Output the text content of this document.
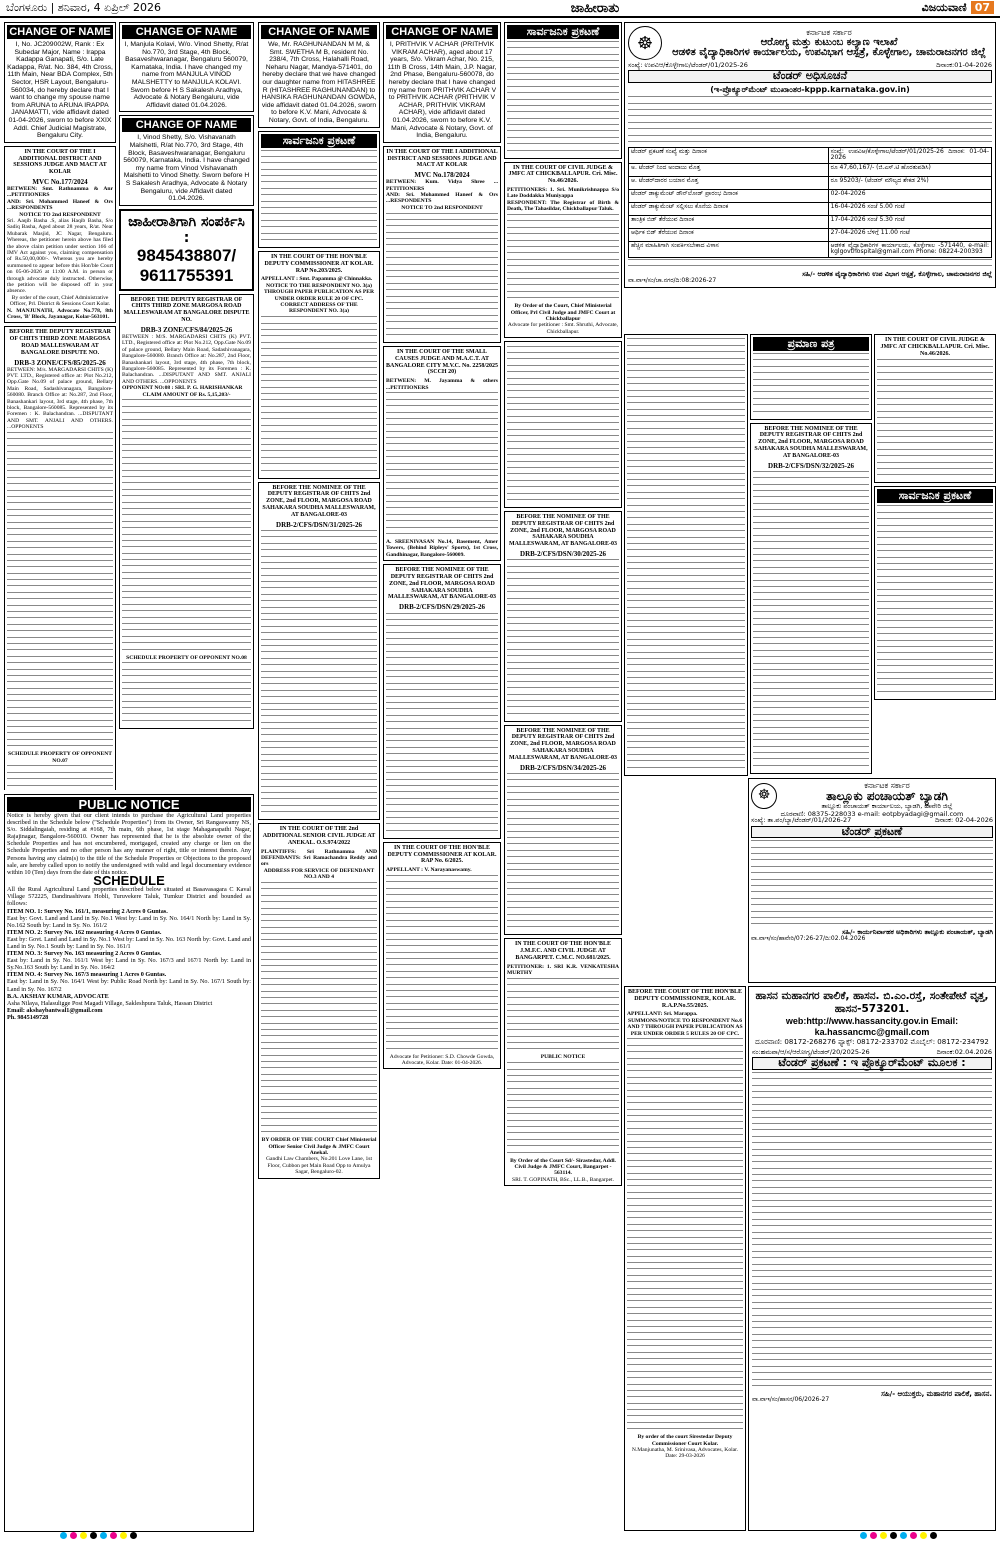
ಬೆಂಗಳೂರು | ಶನಿವಾರ, 4 ಏಪ್ರಿಲ್ 2026	ಜಾಹೀರಾತು	ವಿಜಯವಾಣಿ 07
CHANGE OF NAME
I, No. JC209002W, Rank : Ex Subedar Major, Name : Irappa Kadappa Ganapati, S/o. Late Kadappa, R/at. No. 384, 4th Cross, 11th Main, Near BDA Complex, 5th Sector, HSR Layout, Bengaluru-560034, do hereby declare that I want to change my spouse name from ARUNA to ARUNA IRAPPA JANAMATTI, vide affidavit dated 01-04-2026, sworn to before XXIX Addl. Chief Judicial Magistrate, Bengaluru City.
IN THE COURT OF THE I ADDITIONAL DISTRICT AND SESSIONS JUDGE AND MACT AT KOLAR
MVC No.177/2024
BETWEEN: Smt. Rathnamma & Anr ...PETITIONERS
AND: Sri. Mohammed Haneef & Ors ...RESPONDENTS
NOTICE TO 2nd RESPONDENT
Sri. Aaqib Basha .S, alias Haqib Basha, S/o Sadiq Basha, Aged about 28 years, R/at. Near Mubarak Masjid, JC Nagar, Bengaluru. Whereas, the petitioner herein above has filed the above claim petition under section 166 of IMV Act against you, claiming compensation of Rs.50,00,000/-. Whereas you are hereby summoned to appear before this Hon'ble Court on 05-06-2026 at 11:00 A.M. in person or through advocate duly instructed. Otherwise, the petition will be disposed off in your absence.
By order of the court, Chief Administrative Officer, Prl. District & Sessions Court Kolar.
N. MANJUNATH, Advocate No.778, 8th Cross, 'B' Block, Jayanagar, Kolar-563101.
BEFORE THE DEPUTY REGISTRAR OF CHITS THIRD ZONE MARGOSA ROAD MALLESWARAM AT BANGALORE DISPUTE NO.
DRB-3 ZONE/CFS/85/2025-26
BETWEEN: M/s. MARGADARSI CHITS (K) PVT. LTD., Registered office at: Plot No.212, Opp.Gate No.09 of palace ground, Bellary Main Road, Sadashivanagara, Bangalore-560080. Branch Office at: No.287, 2nd Floor, Banashankari layout, 3rd stage, 4th phase, 7th block, Bangalore-560085. Represented by its Foremen : K. Balachandran. ...DISPUTANT AND SMT. ANJALI AND OTHERS. ...OPPONENTS
SCHEDULE PROPERTY OF OPPONENT NO.07
CHANGE OF NAME
I, Manjula Kolavi, W/o. Vinod Shetty, R/at No.770, 3rd Stage, 4th Block, Basaveshwaranagar, Bengaluru 560079, Karnataka, India. I have changed my name from MANJULA VINOD MALSHETTY to MANJULA KOLAVI. Sworn before H S Sakalesh Aradhya, Advocate & Notary Bengaluru, vide Affidavit dated 01.04.2026.
CHANGE OF NAME
I, Vinod Shetty, S/o. Vishavanath Malshetti, R/at No.770, 3rd Stage, 4th Block, Basaveshwaranagar, Bengaluru 560079, Karnataka, India. I have changed my name from Vinod Vishavanath Malshetti to Vinod Shetty. Sworn before H S Sakalesh Aradhya, Advocate & Notary Bengaluru, vide Affidavit dated 01.04.2026.
ಜಾಹೀರಾತಿಗಾಗಿ ಸಂಪರ್ಕಿಸಿ :
9845438807/ 9611755391
BEFORE THE DEPUTY REGISTRAR OF CHITS THIRD ZONE MARGOSA ROAD MALLESWARAM AT BANGALORE DISPUTE NO.
DRB-3 ZONE/CFS/84/2025-26
BETWEEN : M/S. MARGADARSI CHITS (K) PVT. LTD., Registered office at: Plot No.212, Opp.Gate No.09 of palace ground, Bellary Main Road, Sadashivanagara, Bangalore-560080. Branch Office at: No.287, 2nd Floor, Banashankari layout, 3rd stage, 4th phase, 7th block, Bangalore-560085. Represented by its Foremen : K. Balachandran. ...DISPUTANT AND SMT. ANJALI AND OTHERS. ...OPPONENTS
OPPONENT NO:08 : SRI. P. G. HARISHANKAR
CLAIM AMOUNT OF Rs. 5,15,203/-
SCHEDULE PROPERTY OF OPPONENT NO.08
PUBLIC NOTICE
Notice is hereby given that our client intends to purchase the Agricultural Land properties described in the Schedule below ("Schedule Properties") from its Owner, Sri Rangaswamy NS, S/o. Siddalingaiah, residing at #168, 7th main, 6th phase, 1st stage Mahaganapathi Nagar, Rajajinagar, Bangalore-560010. Owner has represented that he is the absolute owner of the Schedule Properties and has not encumbered, mortgaged, created any charge or lien on the Schedule Properties and no other person has any manner of right, title or interest therein. Any Persons having any claim(s) to the title of the Schedule Properties or Objections to the proposed sale, are hereby called upon to notify the undersigned with valid and legal documentary evidence within 10 (Ten) days from the date of this notice.
SCHEDULE
All the Rural Agricultural Land properties described below situated at Basavasagara C Kaval Village 572225, Dandinashivara Hobli, Turuvekere Taluk, Tumkur District and bounded as follows:
ITEM NO. 1: Survey No. 161/1, measuring 2 Acres 0 Guntas.
East by: Govt. Land and Land in Sy. No.1 West by: Land in Sy. No. 164/1 North by: Land in Sy. No.162 South by: Land in Sy. No. 161/2
ITEM NO. 2: Survey No. 162 measuring 4 Acres 0 Guntas.
East by: Govt. Land and Land in Sy. No.1 West by: Land in Sy. No. 163 North by: Govt. Land and Land in Sy. No.1 South by: Land in Sy. No. 161/1
ITEM NO. 3: Survey No. 163 measuring 2 Acres 0 Guntas.
East by: Land in Sy. No. 161/1 West by: Land in Sy. No. 167/3 and 167/1 North by: Land in Sy.No.163 South by: Land in Sy. No. 164/2
ITEM NO. 4: Survey No. 167/3 measuring 1 Acres 0 Guntas.
East by: Land in Sy. No. 164/1 West by: Public Road North by: Land in Sy. No. 167/1 South by: Land in Sy. No. 167/2
B.A. AKSHAY KUMAR, ADVOCATE
Asha Nilaya, Halasuligge Post Magadi Village, Sakleshpura Taluk, Hassan District
Email: akshaybantwal1@gmail.com
Ph. 9845149728
CHANGE OF NAME
We, Mr. RAGHUNANDAN M M, & Smt. SWETHA M B, resident No. 238/4, 7th Cross, Halahalli Road, Neharu Nagar, Mandya-571401, do hereby declare that we have changed our daughter name from HITASHREE R (HITASHREE RAGHUNANDAN) to HANSIKA RAGHUNANDAN GOWDA, vide affidavit dated 01.04.2026, sworn to before K.V. Mani, Advocate & Notary, Govt. of India, Bengaluru.
ಸಾರ್ವಜನಿಕ ಪ್ರಕಟಣೆ
IN THE COURT OF THE HON'BLE DEPUTY COMMISSIONER AT KOLAR. RAP No.203/2025.
APPELLANT : Smt. Papamma @ Chinnakka.
NOTICE TO THE RESPONDENT NO. 3(a) THROUGH PAPER PUBLICATION AS PER UNDER ORDER RULE 20 OF CPC. CORRECT ADDRESS OF THE RESPONDENT NO. 3(a)
BEFORE THE NOMINEE OF THE DEPUTY REGISTRAR OF CHITS 2nd ZONE, 2nd FLOOR, MARGOSA ROAD SAHAKARA SOUDHA MALLESWARAM, AT BANGALORE-03
DRB-2/CFS/DSN/31/2025-26
IN THE COURT OF THE 2nd ADDITIONAL SENIOR CIVIL JUDGE AT ANEKAL. O.S.974/2022
PLAINTIFFS: Sri Rathnamma AND DEFENDANTS: Sri Ramachandra Reddy and ors
ADDRESS FOR SERVICE OF DEFENDANT NO.3 AND 4
BY ORDER OF THE COURT Chief Ministerial Officer Senior Civil Judge & JMFC Court Anekal.
Gandhi Law Chambers, No.201 Love Lane, 1st Floor, Cubbon pet Main Road Opp to Amulya Sagar, Bengaluro-02.
CHANGE OF NAME
I, PRITHVIK V ACHAR (PRITHVIK VIKRAM ACHAR), aged about 17 years, S/o. Vikram Achar, No. 215, 11th B Cross, 14th Main, J.P. Nagar, 2nd Phase, Bengaluru-560078, do hereby declare that I have changed my name from PRITHVIK ACHAR V to PRITHVIK ACHAR (PRITHVIK V ACHAR, PRITHVIK VIKRAM ACHAR), vide affidavit dated 01.04.2026, sworn to before K.V. Mani, Advocate & Notary, Govt. of India, Bengaluru.
IN THE COURT OF THE I ADDITIONAL DISTRICT AND SESSIONS JUDGE AND MACT AT KOLAR
MVC No.178/2024
BETWEEN: Kum. Vidya Shree ... PETITIONERS
AND: Sri. Mohammed Haneef & Ors ...RESPONDENTS
NOTICE TO 2nd RESPONDENT
IN THE COURT OF THE SMALL CAUSES JUDGE AND M.A.C.T. AT BANGALORE CITY M.V.C. No. 2258/2025 (SCCH 20)
BETWEEN: M. Jayamma & others ...PETITIONERS
A. SREENIVASAN No.14, Basement, Amer Towers, (Behind Ripleys' Sports), 1st Cross, Gandhinagar, Bangalore-560009.
BEFORE THE NOMINEE OF THE DEPUTY REGISTRAR OF CHITS 2nd ZONE, 2nd FLOOR, MARGOSA ROAD SAHAKARA SOUDHA MALLESWARAM, AT BANGALORE-03
DRB-2/CFS/DSN/29/2025-26
IN THE COURT OF THE HON'BLE DEPUTY COMMISSIONER AT KOLAR. RAP No. 6/2025.
APPELLANT : V. Narayanaswamy.
Advocate for Petitioner: S.D. Chowde Gowda, Advocate, Kolar. Date: 01-04-2026.
ಸಾರ್ವಜನಿಕ ಪ್ರಕಟಣೆ
IN THE COURT OF CIVIL JUDGE & JMFC AT CHICKBALLAPUR. Cri. Misc. No.46/2026.
PETITIONERS: 1. Sri. Munikrishnappa S/o Late Doddakka Muniyappa
RESPONDENT: The Registrar of Birth & Death, The Tahasildar, Chickballapur Taluk.
By Order of the Court, Chief Ministerial Officer, Prl Civil Judge and JMFC Court at Chickballapur
Advocate for petitioner : Smt. Shruthi, Advocate, Chickballapur.
BEFORE THE NOMINEE OF THE DEPUTY REGISTRAR OF CHITS 2nd ZONE, 2nd FLOOR, MARGOSA ROAD SAHAKARA SOUDHA MALLESWARAM, AT BANGALORE-03
DRB-2/CFS/DSN/30/2025-26
BEFORE THE NOMINEE OF THE DEPUTY REGISTRAR OF CHITS 2nd ZONE, 2nd FLOOR, MARGOSA ROAD SAHAKARA SOUDHA MALLESWARAM, AT BANGALORE-03
DRB-2/CFS/DSN/34/2025-26
IN THE COURT OF THE HON'BLE J.M.F.C. AND CIVIL JUDGE AT BANGARPET. C.M.C. NO.681/2025.
PETITIONER: 1. SRI K.R. VENKATESHA MURTHY
PUBLIC NOTICE
By Order of the Court Sd/- Sirastedar, Addl. Civil Judge & JMFC Court, Bangarpet - 563114.
SRI. T. GOPINATH, BSc., LL.B., Bangarpet.
☸
ಕರ್ನಾಟಕ ಸರ್ಕಾರ
ಆರೋಗ್ಯ ಮತ್ತು ಕುಟುಂಬ ಕಲ್ಯಾಣ ಇಲಾಖೆ
ಆಡಳಿತ ವೈದ್ಯಾಧಿಕಾರಿಗಳ ಕಾರ್ಯಾಲಯ, ಉಪವಿಭಾಗ ಆಸ್ಪತ್ರೆ, ಕೊಳ್ಳೇಗಾಲ, ಚಾಮರಾಜನಗರ ಜಿಲ್ಲೆ
ಸಂಖ್ಯೆ: ಉಪವಿಆ/ಕೊಳ್ಳೇಗಾಲ/ಟೆಂಡರ್/01/2025-26	ದಿನಾಂಕ:01-04-2026
ಟೆಂಡರ್ ಅಧಿಸೂಚನೆ
(ಇ-ಪ್ರೊಕ್ಯೂರ್‌ಮೆಂಟ್ ಮುಖಾಂತರ-kppp.karnataka.gov.in)
ಟೆಂಡರ್ ಪ್ರಕಟಣೆ ಸಂಖ್ಯೆ ಮತ್ತು ದಿನಾಂಕ	ಸಂಖ್ಯೆ: ಉಪವಿಆ/ಕೊಳ್ಳೇಗಾಲ/ಟೆಂಡರ್/01/2025-26 ದಿನಾಂಕ: 01-04-2026
ಅ. ಟೆಂಡರ್ ನಿಂದ ಅಂದಾಜು ಮೊತ್ತ	ರೂ 47,60,167/- (ಜಿ.ಎಸ್.ಟಿ ಹೊರತುಪಡಿಸಿ)
ಆ. ಟೆಂಡರ್‌ದಾರರ ಬಯಾನ ಮೊತ್ತ	ರೂ 95203/- (ಟೆಂಡರ್ ಮೌಲ್ಯದ ಶೇಕಡ 2%)
ಟೆಂಡರ್ ಡಾಕ್ಯುಮೆಂಟ್ ಡೌನ್‌ಲೋಡ್ ಪ್ರಾರಂಭ ದಿನಾಂಕ	02-04-2026
ಟೆಂಡರ್ ಡಾಕ್ಯುಮೆಂಟ್ ಸಲ್ಲಿಸಲು ಕೊನೆಯ ದಿನಾಂಕ	16-04-2026 ಸಂಜೆ 5.00 ಗಂಟೆ
ತಾಂತ್ರಿಕ ಬಿಡ್ ತೆರೆಯುವ ದಿನಾಂಕ	17-04-2026 ಸಂಜೆ 5.30 ಗಂಟೆ
ಆರ್ಥಿಕ ಬಿಡ್ ತೆರೆಯುವ ದಿನಾಂಕ	27-04-2026 ಬೆಳಿಗ್ಗೆ 11.00 ಗಂಟೆ
ಹೆಚ್ಚಿನ ಮಾಹಿತಿಗಾಗಿ ಸಂಪರ್ಕಿಸಬೇಕಾದ ವಿಳಾಸ	ಆಡಳಿತ ವೈದ್ಯಾಧಿಕಾರಿಗಳ ಕಾರ್ಯಾಲಯ, ಕೊಳ್ಳೇಗಾಲ -571440, e-mail: kglgovthospital@gmail.com Phone: 08224-200393
ಸಹಿ/- ಆಡಳಿತ ವೈದ್ಯಾಧಿಕಾರಿಗಳು ಉಪ ವಿಭಾಗ ಆಸ್ಪತ್ರೆ, ಕೊಳ್ಳೇಗಾಲ, ಚಾಮರಾಜನಗರ ಜಿಲ್ಲೆ
ವಾ.ವಾಇ/ಸಂ/ಚಾ.ನಗರ/ದಿ:08:2026-27
ಪ್ರಮಾಣ ಪತ್ರ
BEFORE THE NOMINEE OF THE DEPUTY REGISTRAR OF CHITS 2nd ZONE, 2nd FLOOR, MARGOSA ROAD SAHAKARA SOUDHA MALLESWARAM, AT BANGALORE-03
DRB-2/CFS/DSN/32/2025-26
IN THE COURT OF CIVIL JUDGE & JMFC AT CHICKBALLAPUR. Cri. Misc. No.46/2026.
ಸಾರ್ವಜನಿಕ ಪ್ರಕಟಣೆ
☸
ಕರ್ನಾಟಕ ಸರ್ಕಾರ
ತಾಲ್ಲೂಕು ಪಂಚಾಯತ್ ಬ್ಯಾಡಗಿ
ತಾಲ್ಲೂಕು ಪಂಚಾಯತ್ ಕಾರ್ಯಾಲಯ, ಬ್ಯಾಡಗಿ, ಹಾವೇರಿ ಜಿಲ್ಲೆ
ದೂರವಾಣಿ: 08375-228033 e-mail: eotpbyadagi@gmail.com
ಸಂಖ್ಯೆ: ತಾ.ಪಂ/ಬ್ಯಾ/ಟೆಂಡರ್/01/2026-27	ದಿನಾಂಕ: 02-04-2026
ಟೆಂಡರ್ ಪ್ರಕಟಣೆ
ಸಹಿ/- ಕಾರ್ಯನಿರ್ವಾಹಕ ಅಧಿಕಾರಿಗಳು ತಾಲ್ಲೂಕು ಪಂಚಾಯತ್, ಬ್ಯಾಡಗಿ
ವಾ.ವಾಇ/ಸಂ/ಹಾವೇರಿ/07:26-27/ದಿ:02.04.2026
BEFORE THE COURT OF THE HON'BLE DEPUTY COMMISSIONER, KOLAR. R.A.P.No.55/2025.
APPELLANT: Sri. Marappa.
SUMMONS/NOTICE TO RESPONDENT No.6 AND 7 THROUGH PAPER PUBLICATION AS PER UNDER ORDER 5 RULES 20 OF CPC.
By order of the court Sirestedar Deputy Commissioner Court Kolar.
N.Manjunatha, M. Srinivasa, Advocates, Kolar. Date: 29-03-2026
ಹಾಸನ ಮಹಾನಗರ ಪಾಲಿಕೆ, ಹಾಸನ. ಬಿ.ಎಂ.ರಸ್ತೆ, ಸಂತೇಪೇಟೆ ವೃತ್ತ, ಹಾಸನ-573201.
web:http://www.hassancity.gov.in Email: ka.hassancmc@gmail.com
ದೂರವಾಣಿ: 08172-268276 ಫ್ಯಾಕ್ಸ್: 08172-233702 ಮೊಬೈಲ್: 08172-234792
ನಂ:ಹಮಪಾ/ಆ/ಸ/ಆರೋಗ್ಯ/ಟೆಂಡರ್/20/2025-26	ದಿನಾಂಕ:02.04.2026
ಟೆಂಡರ್ ಪ್ರಕಟಣೆ : ಇ ಪ್ರೊಕ್ಯೂರ್‌ಮೆಂಟ್ ಮೂಲಕ :
ಸಹಿ/- ಆಯುಕ್ತರು, ಮಹಾನಗರ ಪಾಲಿಕೆ, ಹಾಸನ.
ವಾ.ವಾಇ/ಸಂ/ಹಾಸನ/06/2026-27
